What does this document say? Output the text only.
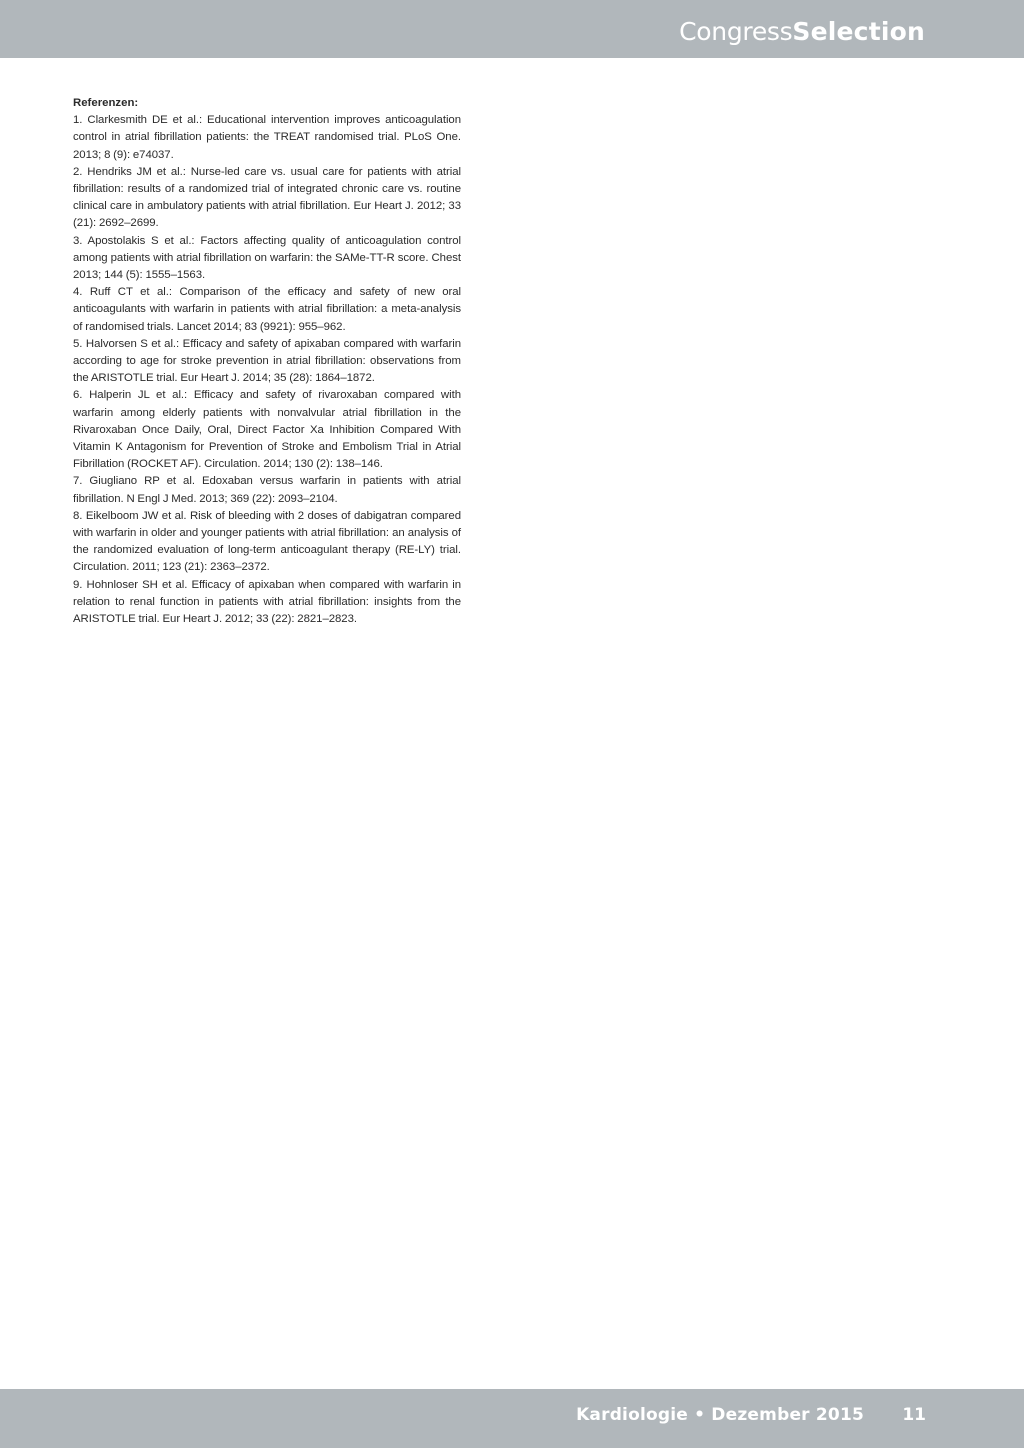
CongressSelection
Referenzen:
1. Clarkesmith DE et al.: Educational intervention improves anticoagulation control in atrial fibrillation patients: the TREAT randomised trial. PLoS One. 2013; 8 (9): e74037.
2. Hendriks JM et al.: Nurse-led care vs. usual care for patients with atrial fibrillation: results of a randomized trial of integrated chronic care vs. routine clinical care in ambulatory patients with atrial fibrillation. Eur Heart J. 2012; 33 (21): 2692–2699.
3. Apostolakis S et al.: Factors affecting quality of anticoagulation control among patients with atrial fibrillation on warfarin: the SAMe-TT-R score. Chest 2013; 144 (5): 1555–1563.
4. Ruff CT et al.: Comparison of the efficacy and safety of new oral anticoagulants with warfarin in patients with atrial fibrillation: a meta-analysis of randomised trials. Lancet 2014; 83 (9921): 955–962.
5. Halvorsen S et al.: Efficacy and safety of apixaban compared with warfarin according to age for stroke prevention in atrial fibrillation: observations from the ARISTOTLE trial. Eur Heart J. 2014; 35 (28): 1864–1872.
6. Halperin JL et al.: Efficacy and safety of rivaroxaban compared with warfarin among elderly patients with nonvalvular atrial fibrillation in the Rivaroxaban Once Daily, Oral, Direct Factor Xa Inhibition Compared With Vitamin K Antagonism for Prevention of Stroke and Embolism Trial in Atrial Fibrillation (ROCKET AF). Circulation. 2014; 130 (2): 138–146.
7. Giugliano RP et al. Edoxaban versus warfarin in patients with atrial fibrillation. N Engl J Med. 2013; 369 (22): 2093–2104.
8. Eikelboom JW et al. Risk of bleeding with 2 doses of dabigatran compared with warfarin in older and younger patients with atrial fibrillation: an analysis of the randomized evaluation of long-term anticoagulant therapy (RE-LY) trial. Circulation. 2011; 123 (21): 2363–2372.
9. Hohnloser SH et al. Efficacy of apixaban when compared with warfarin in relation to renal function in patients with atrial fibrillation: insights from the ARISTOTLE trial. Eur Heart J. 2012; 33 (22): 2821–2823.
Kardiologie • Dezember 2015 11
